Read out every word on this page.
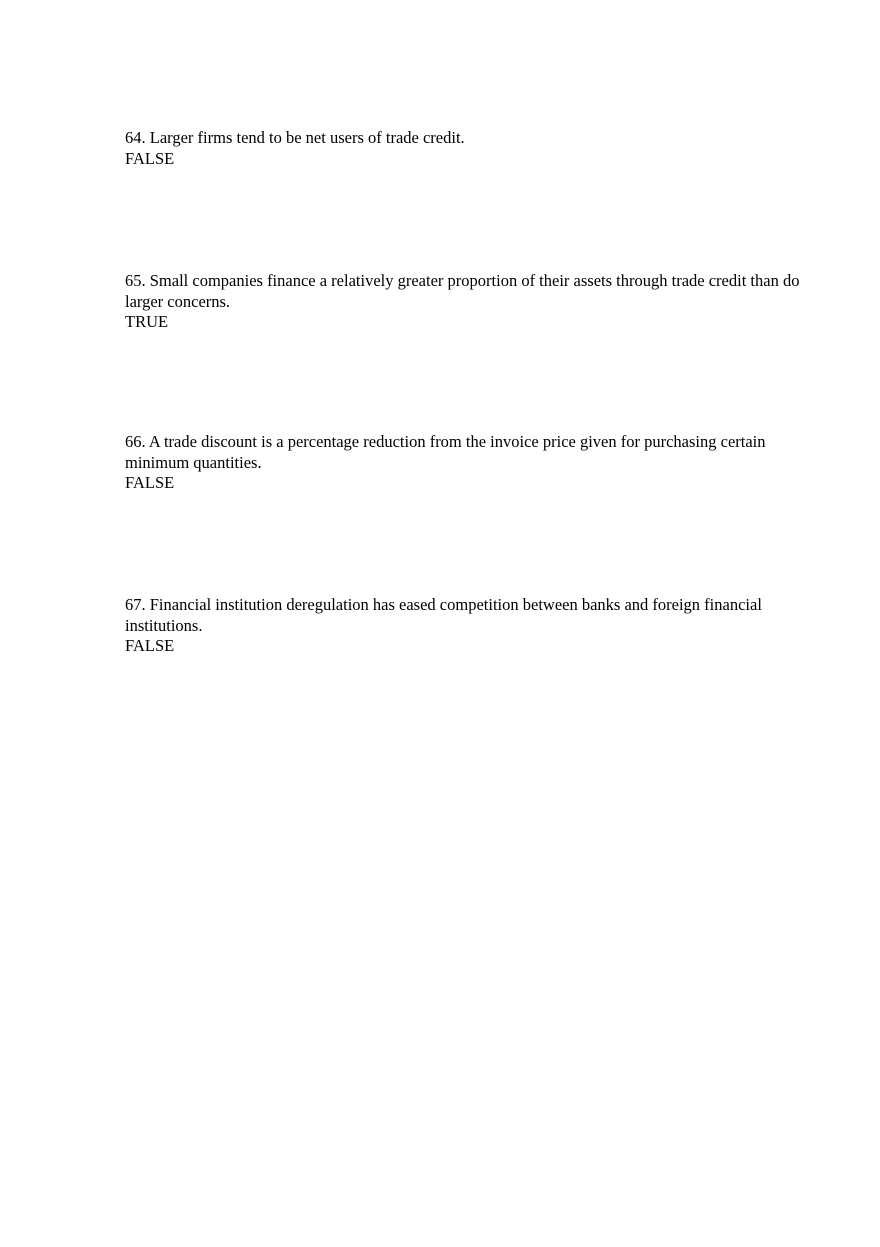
64. Larger firms tend to be net users of trade credit.

FALSE

65. Small companies finance a relatively greater proportion of their assets through trade credit than do larger concerns.

TRUE

66. A trade discount is a percentage reduction from the invoice price given for purchasing certain minimum quantities.

FALSE

67. Financial institution deregulation has eased competition between banks and foreign financial institutions.

FALSE
